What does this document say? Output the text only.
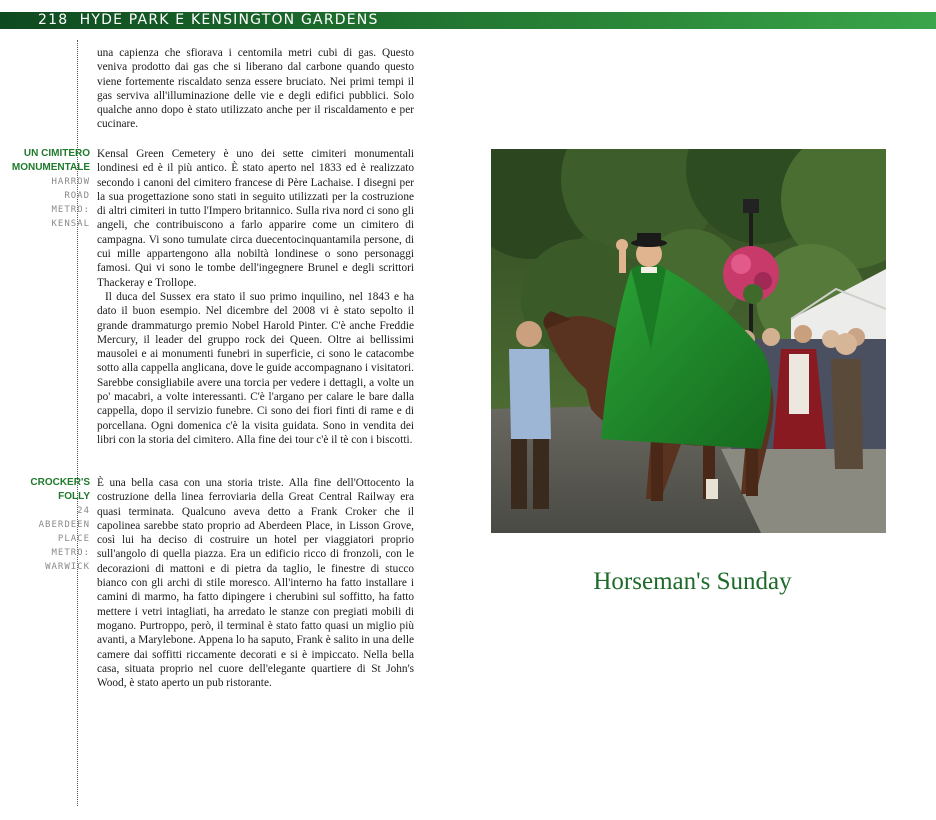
218 HYDE PARK E KENSINGTON GARDENS

una capienza che sfiorava i centomila metri cubi di gas. Questo veniva prodotto dai gas che si liberano dal carbone quando questo viene fortemente riscaldato senza essere bruciato. Nei primi tempi il gas serviva all'illuminazione delle vie e degli edifici pubblici. Solo qualche anno dopo è stato utilizzato anche per il riscaldamento e per cucinare.

UN CIMITERO
MONUMENTALE
HARROW
ROAD
METRO:
KENSAL

Kensal Green Cemetery è uno dei sette cimiteri monumentali londinesi ed è il più antico. È stato aperto nel 1833 ed è realizzato secondo i canoni del cimitero francese di Père Lachaise. I disegni per la sua progettazione sono stati in seguito utilizzati per la costruzione di altri cimiteri in tutto l'Impero britannico. Sulla riva nord ci sono gli angeli, che contribuiscono a farlo apparire come un cimitero di campagna. Vi sono tumulate circa duecentocinquantamila persone, di cui mille appartengono alla nobiltà londinese o sono personaggi famosi. Qui vi sono le tombe dell'ingegnere Brunel e degli scrittori Thackeray e Trollope.

Il duca del Sussex era stato il suo primo inquilino, nel 1843 e ha dato il buon esempio. Nel dicembre del 2008 vi è stato sepolto il grande drammaturgo premio Nobel Harold Pinter. C'è anche Freddie Mercury, il leader del gruppo rock dei Queen. Oltre ai bellissimi mausolei e ai monumenti funebri in superficie, ci sono le catacombe sotto alla cappella anglicana, dove le guide accompagnano i visitatori. Sarebbe consigliabile avere una torcia per vedere i dettagli, a volte un po' macabri, a volte interessanti. C'è l'argano per calare le bare dalla cappella, dopo il servizio funebre. Ci sono dei fiori finti di rame e di porcellana. Ogni domenica c'è la visita guidata. Sono in vendita dei libri con la storia del cimitero. Alla fine dei tour c'è il tè con i biscotti.

CROCKER'S
FOLLY
24
ABERDEEN
PLACE
METRO:
WARWICK

È una bella casa con una storia triste. Alla fine dell'Ottocento la costruzione della linea ferroviaria della Great Central Railway era quasi terminata. Qualcuno aveva detto a Frank Croker che il capolinea sarebbe stato proprio ad Aberdeen Place, in Lisson Grove, così lui ha deciso di costruire un hotel per viaggiatori proprio sull'angolo di quella piazza. Era un edificio ricco di fronzoli, con le decorazioni di mattoni e di pietra da taglio, le finestre di stucco bianco con gli archi di stile moresco. All'interno ha fatto installare i camini di marmo, ha fatto dipingere i cherubini sul soffitto, ha fatto mettere i vetri intagliati, ha arredato le stanze con pregiati mobili di mogano. Purtroppo, però, il terminal è stato fatto quasi un miglio più avanti, a Marylebone. Appena lo ha saputo, Frank è salito in una delle camere dai soffitti riccamente decorati e si è impiccato. Nella bella casa, situata proprio nel cuore dell'elegante quartiere di St John's Wood, è stato aperto un pub ristorante.

Horseman's Sunday
